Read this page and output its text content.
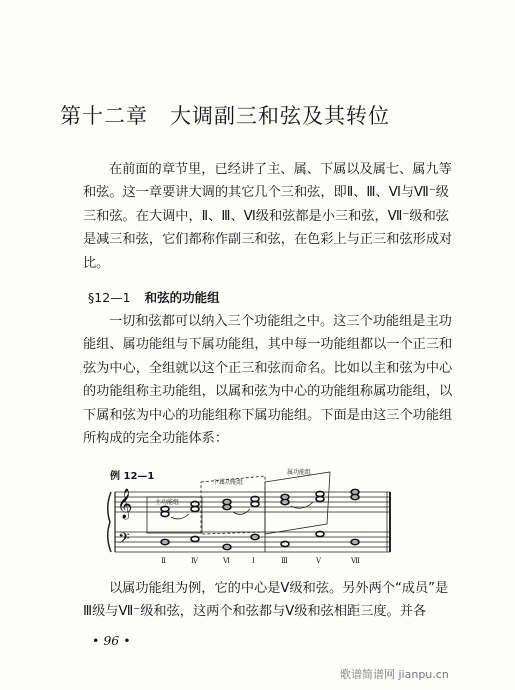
第十二章 大调副三和弦及其转位
在前面的章节里，已经讲了主、属、下属以及属七、属九等和弦。这一章要讲大调的其它几个三和弦，即Ⅱ、Ⅲ、Ⅵ与Ⅶ⁻级三和弦。在大调中，Ⅱ、Ⅲ、Ⅵ级和弦都是小三和弦，Ⅶ⁻级和弦是减三和弦，它们都称作副三和弦，在色彩上与正三和弦形成对比。
§12—1 和弦的功能组
一切和弦都可以纳入三个功能组之中。这三个功能组是主功能组、属功能组与下属功能组，其中每一功能组都以一个正三和弦为中心，全组就以这个正三和弦而命名。比如以主和弦为中心的功能组称主功能组，以属和弦为中心的功能组称属功能组，以下属和弦为中心的功能组称下属功能组。下面是由这三个功能组所构成的完全功能体系：
例 12—1
𝄞
𝄢
主功能组
下属功能组
属功能组
Ⅱ	Ⅳ	Ⅵ	Ⅰ	Ⅲ	Ⅴ	Ⅶ
以属功能组为例，它的中心是Ⅴ级和弦。另外两个“成员”是Ⅲ级与Ⅶ⁻级和弦，这两个和弦都与Ⅴ级和弦相距三度。并各
• 96 •
歌谱简谱网 jianpu.cn
